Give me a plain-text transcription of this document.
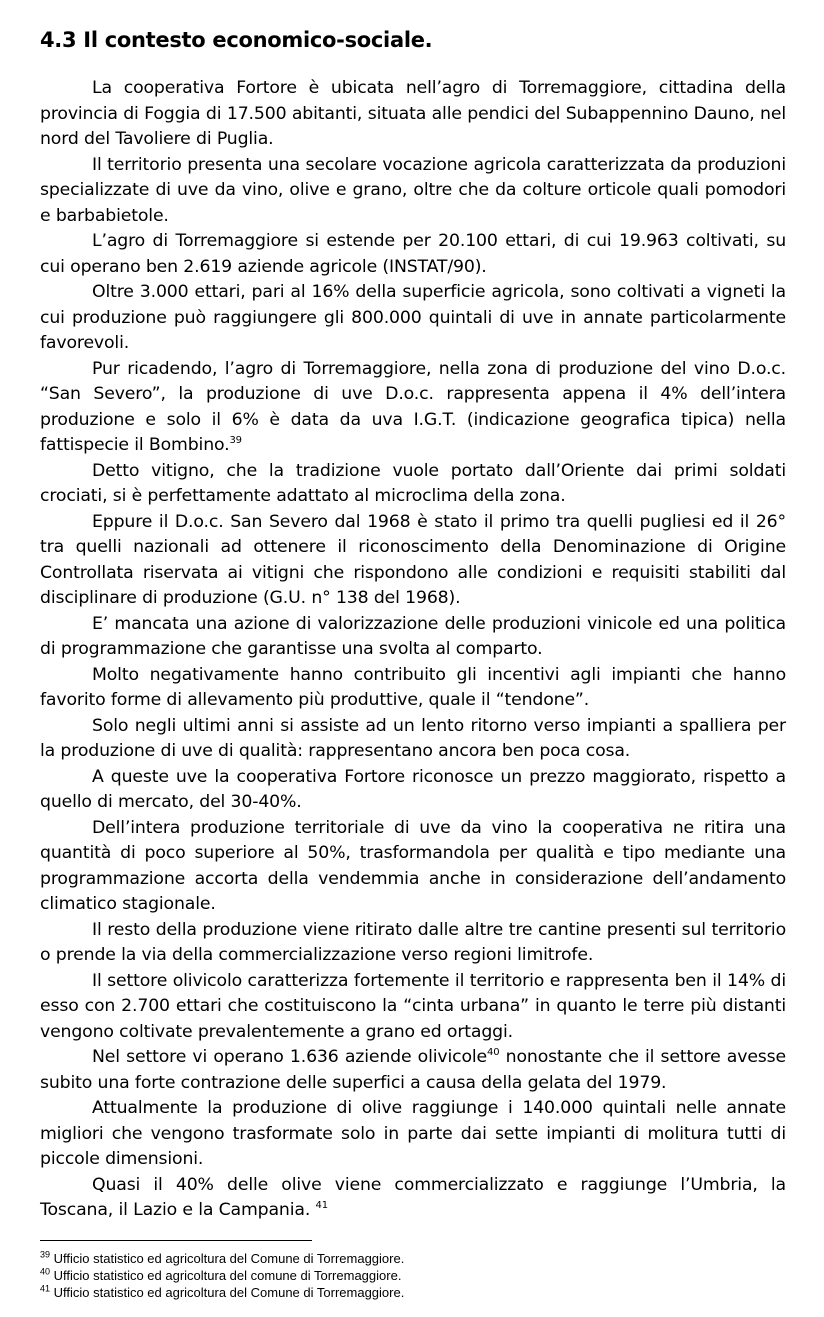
4.3 Il contesto economico-sociale.

La cooperativa Fortore è ubicata nell’agro di Torremaggiore, cittadina della provincia di Foggia di 17.500 abitanti, situata alle pendici del Subappennino Dauno, nel nord del Tavoliere di Puglia.

Il territorio presenta una secolare vocazione agricola caratterizzata da produzioni specializzate di uve da vino, olive e grano, oltre che da colture orticole quali pomodori e barbabietole.

L’agro di Torremaggiore si estende per 20.100 ettari, di cui 19.963 coltivati, su cui operano ben 2.619 aziende agricole (INSTAT/90).

Oltre 3.000 ettari, pari al 16% della superficie agricola, sono coltivati a vigneti la cui produzione può raggiungere gli 800.000 quintali di uve in annate particolarmente favorevoli.

Pur ricadendo, l’agro di Torremaggiore, nella zona di produzione del vino D.o.c. “San Severo”, la produzione di uve D.o.c. rappresenta appena il 4% dell’intera produzione e solo il 6% è data da uva I.G.T. (indicazione geografica tipica) nella fattispecie il Bombino.$^{39}$

Detto vitigno, che la tradizione vuole portato dall’Oriente dai primi soldati crociati, si è perfettamente adattato al microclima della zona.

Eppure il D.o.c. San Severo dal 1968 è stato il primo tra quelli pugliesi ed il 26° tra quelli nazionali ad ottenere il riconoscimento della Denominazione di Origine Controllata riservata ai vitigni che rispondono alle condizioni e requisiti stabiliti dal disciplinare di produzione (G.U. n° 138 del 1968).

E’ mancata una azione di valorizzazione delle produzioni vinicole ed una politica di programmazione che garantisse una svolta al comparto.

Molto negativamente hanno contribuito gli incentivi agli impianti che hanno favorito forme di allevamento più produttive, quale il “tendone”.

Solo negli ultimi anni si assiste ad un lento ritorno verso impianti a spalliera per la produzione di uve di qualità: rappresentano ancora ben poca cosa.

A queste uve la cooperativa Fortore riconosce un prezzo maggiorato, rispetto a quello di mercato, del 30-40%.

Dell’intera produzione territoriale di uve da vino la cooperativa ne ritira una quantità di poco superiore al 50%, trasformandola per qualità e tipo mediante una programmazione accorta della vendemmia anche in considerazione dell’andamento climatico stagionale.

Il resto della produzione viene ritirato dalle altre tre cantine presenti sul territorio o prende la via della commercializzazione verso regioni limitrofe.

Il settore olivicolo caratterizza fortemente il territorio e rappresenta ben il 14% di esso con 2.700 ettari che costituiscono la “cinta urbana” in quanto le terre più distanti vengono coltivate prevalentemente a grano ed ortaggi.

Nel settore vi operano 1.636 aziende olivicole$^{40}$ nonostante che il settore avesse subito una forte contrazione delle superfici a causa della gelata del 1979.

Attualmente la produzione di olive raggiunge i 140.000 quintali nelle annate migliori che vengono trasformate solo in parte dai sette impianti di molitura tutti di piccole dimensioni.

Quasi il 40% delle olive viene commercializzato e raggiunge l’Umbria, la Toscana, il Lazio e la Campania. $^{41}$

$^{39}$ Ufficio statistico ed agricoltura del Comune di Torremaggiore.

$^{40}$ Ufficio statistico ed agricoltura del comune di Torremaggiore.

$^{41}$ Ufficio statistico ed agricoltura del Comune di Torremaggiore.
